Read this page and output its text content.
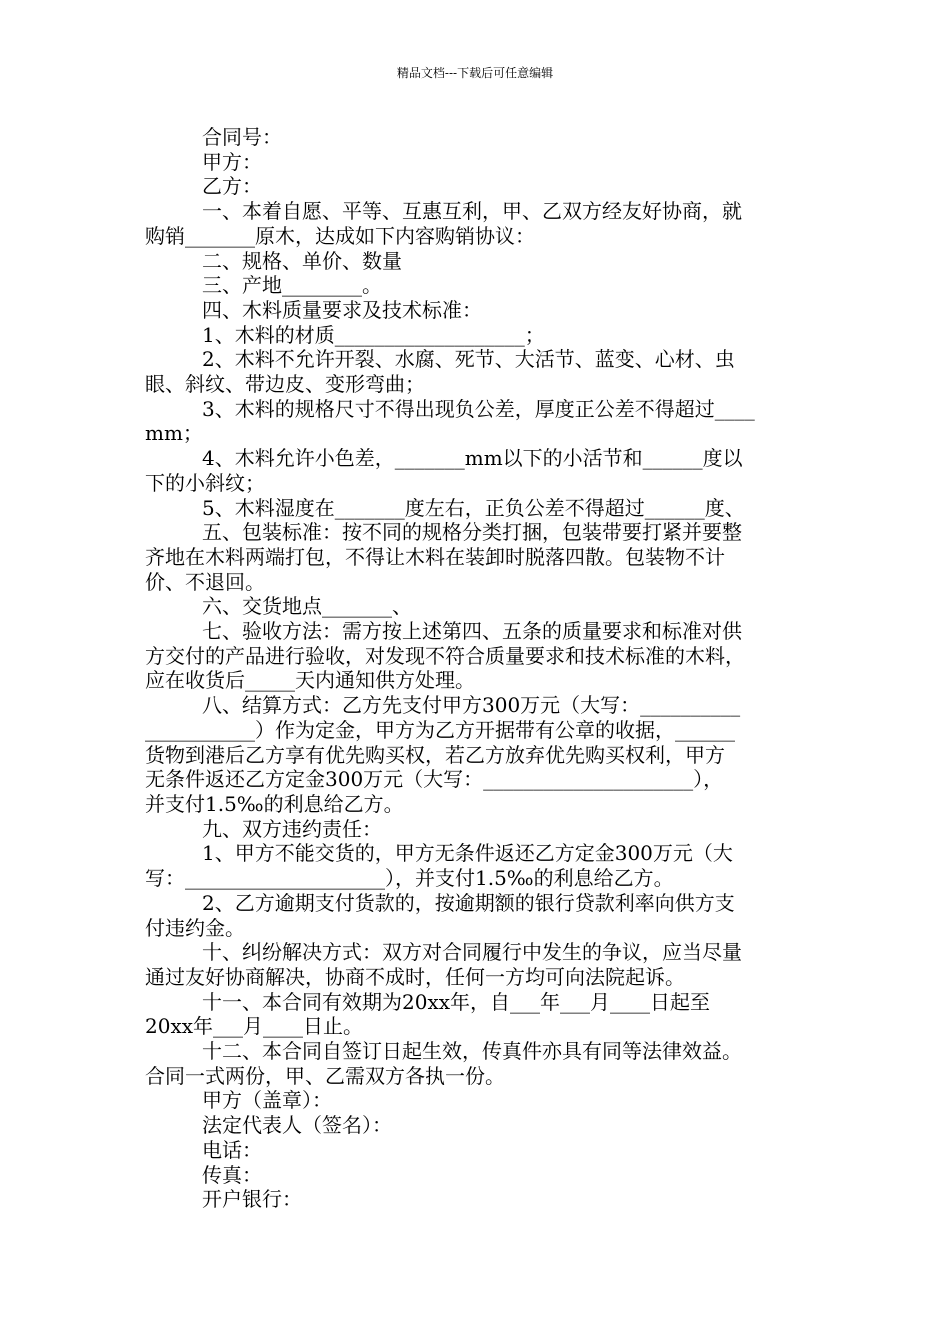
精品文档---下载后可任意编辑

合同号：

甲方：

乙方：

一、本着自愿、平等、互惠互利，甲、乙双方经友好协商，就

购销_______原木，达成如下内容购销协议：

二、规格、单价、数量

三、产地________。

四、木料质量要求及技术标准：

1、木料的材质___________________；

2、木料不允许开裂、水腐、死节、大活节、蓝变、心材、虫

眼、斜纹、带边皮、变形弯曲；

3、木料的规格尺寸不得出现负公差，厚度正公差不得超过____

mm；

4、木料允许小色差，_______mm以下的小活节和______度以

下的小斜纹；

5、木料湿度在_______度左右，正负公差不得超过______度、

五、包装标准：按不同的规格分类打捆，包装带要打紧并要整

齐地在木料两端打包，不得让木料在装卸时脱落四散。包装物不计

价、不退回。

六、交货地点_______、

七、验收方法：需方按上述第四、五条的质量要求和标准对供

方交付的产品进行验收，对发现不符合质量要求和技术标准的木料，

应在收货后_____天内通知供方处理。

八、结算方式：乙方先支付甲方300万元（大写：__________

___________）作为定金，甲方为乙方开据带有公章的收据，______

货物到港后乙方享有优先购买权，若乙方放弃优先购买权利，甲方

无条件返还乙方定金300万元（大写：_____________________），

并支付1.5‰的利息给乙方。

九、双方违约责任：

1、甲方不能交货的，甲方无条件返还乙方定金300万元（大

写：____________________），并支付1.5‰的利息给乙方。

2、乙方逾期支付货款的，按逾期额的银行贷款利率向供方支

付违约金。

十、纠纷解决方式：双方对合同履行中发生的争议，应当尽量

通过友好协商解决，协商不成时，任何一方均可向法院起诉。

十一、本合同有效期为20xx年，自___年___月____日起至

20xx年___月____日止。

十二、本合同自签订日起生效，传真件亦具有同等法律效益。

合同一式两份，甲、乙需双方各执一份。

甲方（盖章）：

法定代表人（签名）：

电话：

传真：

开户银行：
